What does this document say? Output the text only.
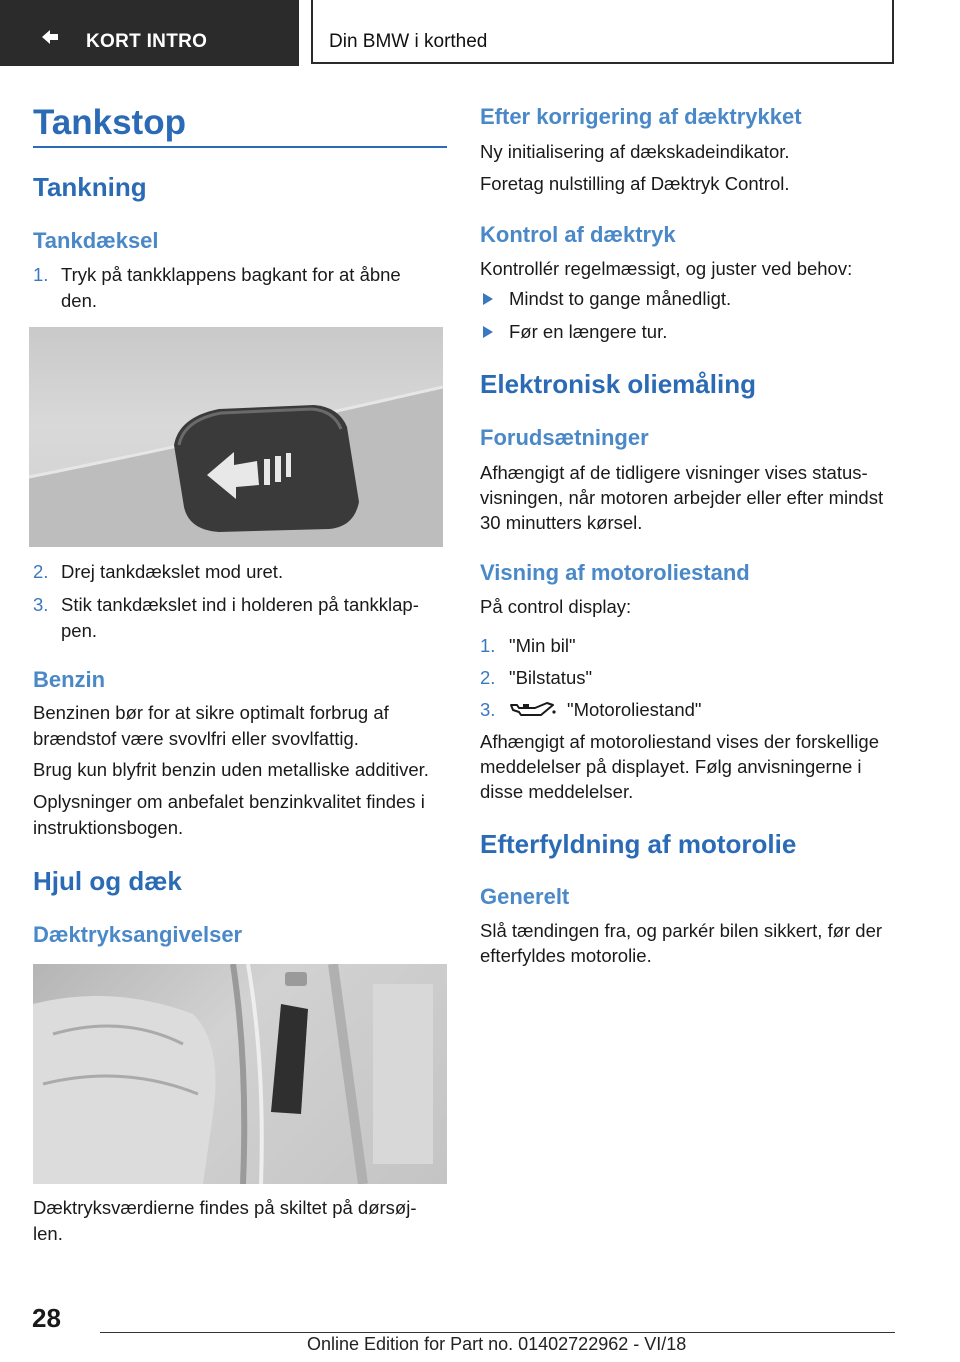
KORT INTRO	Din BMW i korthed
Tankstop
Tankning
Tankdæksel
1. Tryk på tankklappens bagkant for at åbne
den.
2. Drej tankdækslet mod uret.
3. Stik tankdækslet ind i holderen på tankklap-
pen.
Benzin
Benzinen bør for at sikre optimalt forbrug af
brændstof være svovlfri eller svovlfattig.
Brug kun blyfrit benzin uden metalliske additiver.
Oplysninger om anbefalet benzinkvalitet findes i
instruktionsbogen.
Hjul og dæk
Dæktryksangivelser
Dæktryksværdierne findes på skiltet på dørsøj-
len.
Efter korrigering af dæktrykket
Ny initialisering af dækskadeindikator.
Foretag nulstilling af Dæktryk Control.
Kontrol af dæktryk
Kontrollér regelmæssigt, og juster ved behov:
Mindst to gange månedligt.
Før en længere tur.
Elektronisk oliemåling
Forudsætninger
Afhængigt af de tidligere visninger vises status-
visningen, når motoren arbejder eller efter mindst
30 minutters kørsel.
Visning af motoroliestand
På control display:
1. "Min bil"
2. "Bilstatus"
3.	"Motoroliestand"
Afhængigt af motoroliestand vises der forskellige
meddelelser på displayet. Følg anvisningerne i
disse meddelelser.
Efterfyldning af motorolie
Generelt
Slå tændingen fra, og parkér bilen sikkert, før der
efterfyldes motorolie.
28
Online Edition for Part no. 01402722962 - VI/18
